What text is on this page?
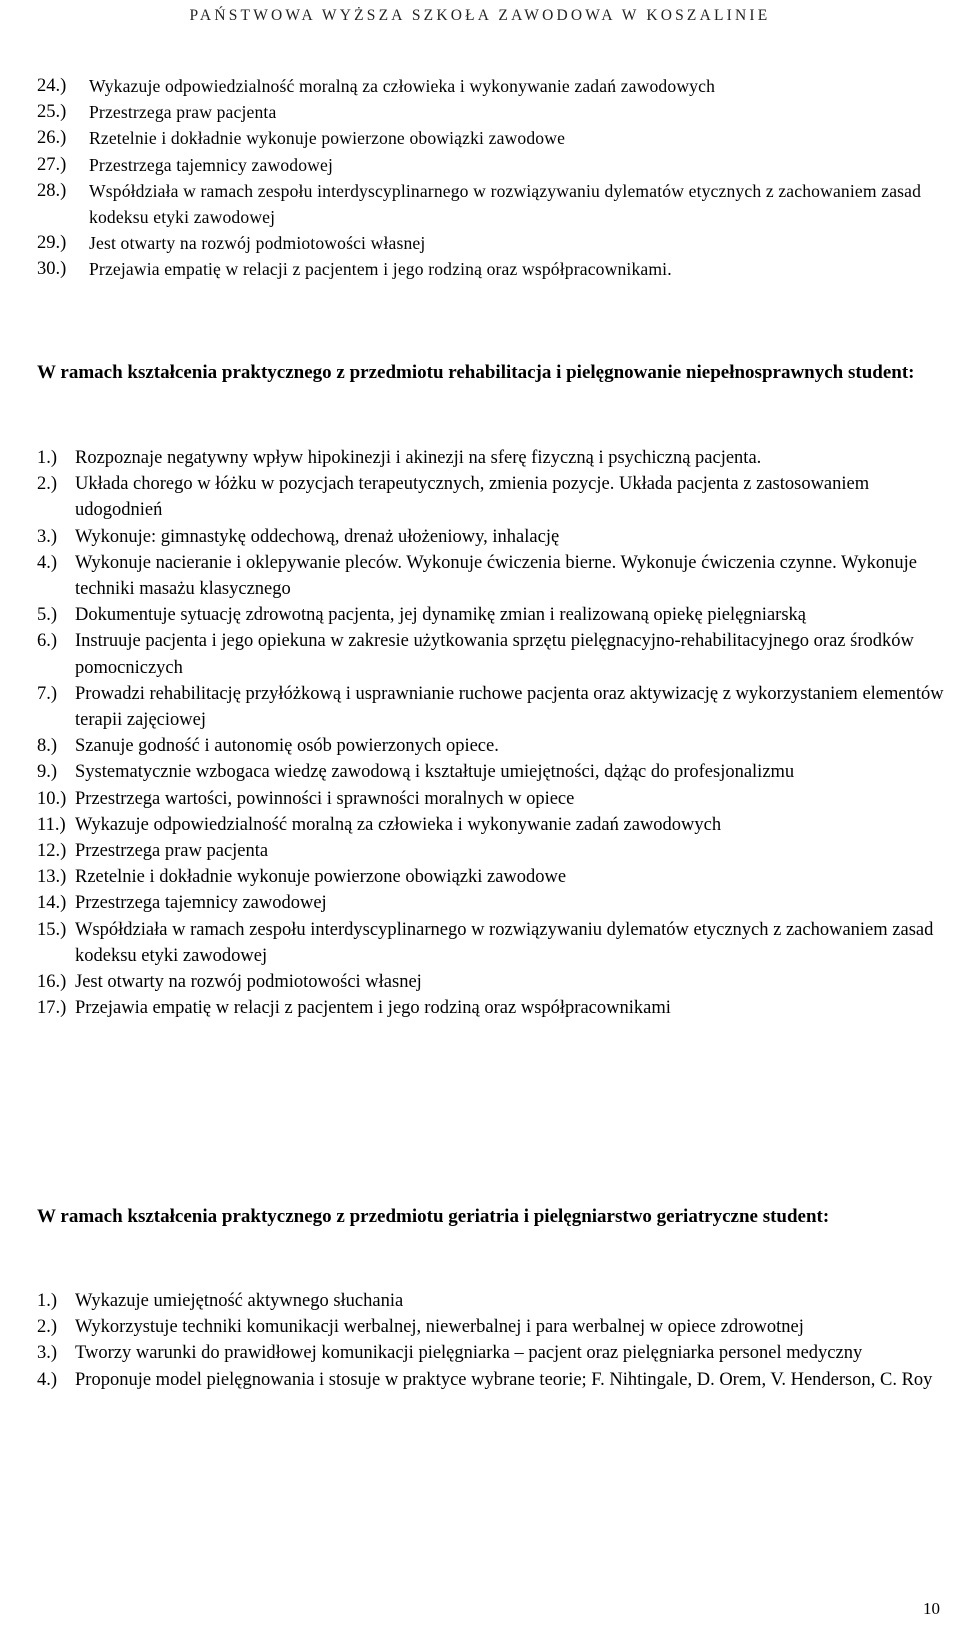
PAŃSTWOWA WYŻSZA SZKOŁA ZAWODOWA W KOSZALINIE
24.)	Wykazuje odpowiedzialność moralną za człowieka i wykonywanie zadań zawodowych
25.)	Przestrzega praw pacjenta
26.)	Rzetelnie i dokładnie wykonuje powierzone obowiązki zawodowe
27.)	Przestrzega tajemnicy zawodowej
28.)	Współdziała w ramach zespołu interdyscyplinarnego w rozwiązywaniu dylematów etycznych z zachowaniem zasad kodeksu etyki zawodowej
29.)	Jest otwarty na rozwój podmiotowości własnej
30.)	Przejawia empatię w relacji z pacjentem i jego rodziną oraz współpracownikami.
W ramach kształcenia praktycznego z przedmiotu rehabilitacja i pielęgnowanie niepełnosprawnych student:
1.) Rozpoznaje negatywny wpływ hipokinezji i akinezji na sferę fizyczną i psychiczną pacjenta.
2.) Układa chorego w łóżku w pozycjach terapeutycznych, zmienia pozycje. Układa pacjenta z zastosowaniem udogodnień
3.) Wykonuje: gimnastykę oddechową, drenaż ułożeniowy, inhalację
4.) Wykonuje nacieranie i oklepywanie pleców. Wykonuje ćwiczenia bierne. Wykonuje ćwiczenia czynne. Wykonuje techniki masażu klasycznego
5.) Dokumentuje sytuację zdrowotną pacjenta, jej dynamikę zmian i realizowaną opiekę pielęgniarską
6.) Instruuje pacjenta i jego opiekuna w zakresie użytkowania sprzętu pielęgnacyjno-rehabilitacyjnego oraz środków pomocniczych
7.) Prowadzi rehabilitację przyłóżkową i usprawnianie ruchowe pacjenta oraz aktywizację z wykorzystaniem elementów terapii zajęciowej
8.) Szanuje godność i autonomię osób powierzonych opiece.
9.) Systematycznie wzbogaca wiedzę zawodową i kształtuje umiejętności, dążąc do profesjonalizmu
10.) Przestrzega wartości, powinności i sprawności moralnych w opiece
11.) Wykazuje odpowiedzialność moralną za człowieka i wykonywanie zadań zawodowych
12.) Przestrzega praw pacjenta
13.) Rzetelnie i dokładnie wykonuje powierzone obowiązki zawodowe
14.) Przestrzega tajemnicy zawodowej
15.) Współdziała w ramach zespołu interdyscyplinarnego w rozwiązywaniu dylematów etycznych z zachowaniem zasad kodeksu etyki zawodowej
16.) Jest otwarty na rozwój podmiotowości własnej
17.) Przejawia empatię w relacji z pacjentem i jego rodziną oraz współpracownikami
W ramach kształcenia praktycznego z przedmiotu geriatria i pielęgniarstwo geriatryczne student:
1.) Wykazuje umiejętność aktywnego słuchania
2.) Wykorzystuje techniki komunikacji werbalnej, niewerbalnej i para werbalnej w opiece zdrowotnej
3.) Tworzy warunki do prawidłowej komunikacji pielęgniarka – pacjent oraz pielęgniarka personel medyczny
4.) Proponuje model pielęgnowania i stosuje w praktyce wybrane teorie; F. Nihtingale, D. Orem, V. Henderson, C. Roy
10
